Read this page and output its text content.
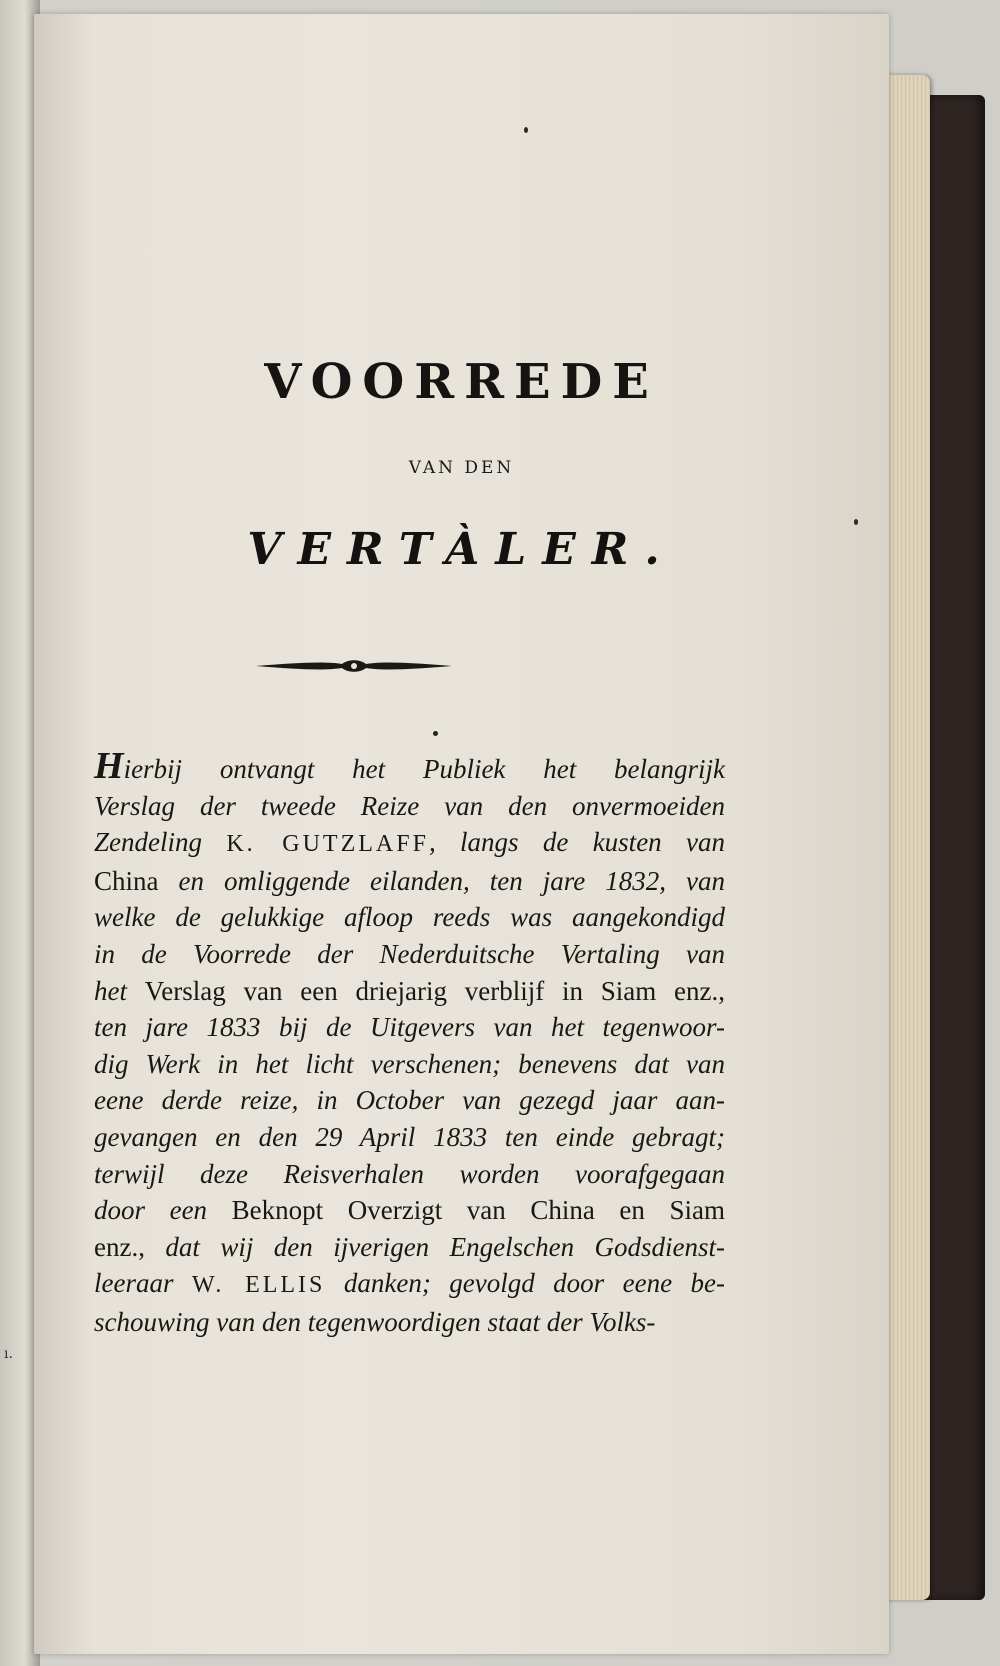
ı.

VOORREDE
VAN DEN
VERTÀLER.
Hierbij ontvangt het Publiek het belangrijk
Verslag der tweede Reize van den onvermoeiden
Zendeling K. GUTZLAFF, langs de kusten van
China en omliggende eilanden, ten jare 1832, van
welke de gelukkige afloop reeds was aangekondigd
in de Voorrede der Nederduitsche Vertaling van
het Verslag van een driejarig verblijf in Siam enz.,
ten jare 1833 bij de Uitgevers van het tegenwoor-
dig Werk in het licht verschenen; benevens dat van
eene derde reize, in October van gezegd jaar aan-
gevangen en den 29 April 1833 ten einde gebragt;
terwijl deze Reisverhalen worden voorafgegaan
door een Beknopt Overzigt van China en Siam
enz., dat wij den ijverigen Engelschen Godsdienst-
leeraar W. ELLIS danken; gevolgd door eene be-
schouwing van den tegenwoordigen staat der Volks-
